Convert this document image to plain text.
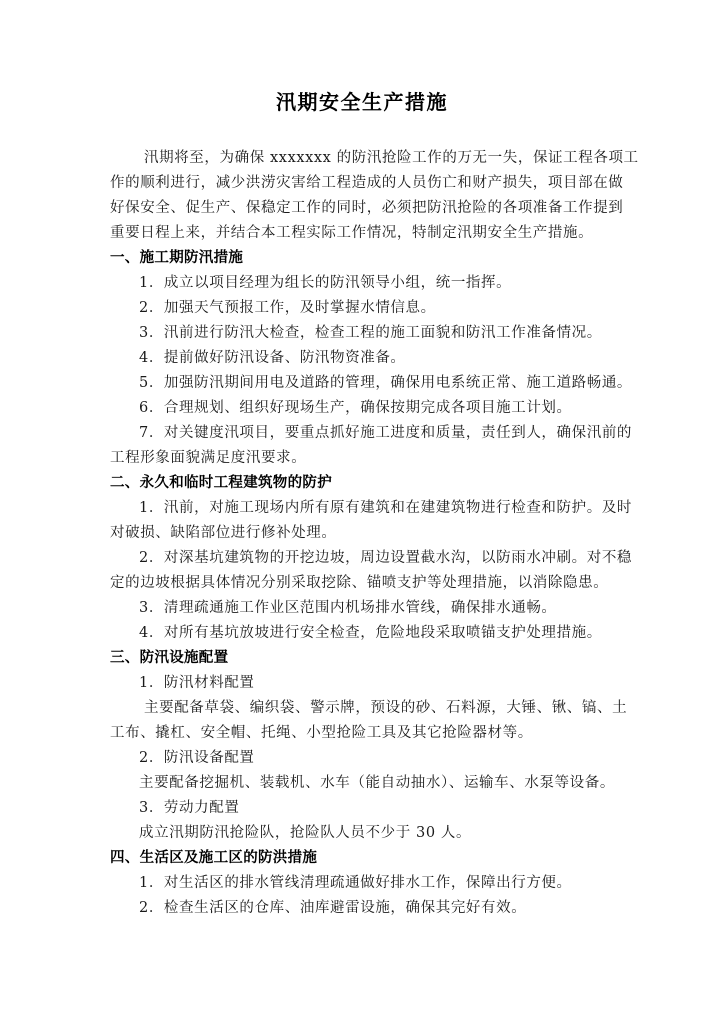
汛期安全生产措施
汛期将至，为确保 xxxxxxx 的防汛抢险工作的万无一失，保证工程各项工
作的顺利进行，减少洪涝灾害给工程造成的人员伤亡和财产损失，项目部在做
好保安全、促生产、保稳定工作的同时，必须把防汛抢险的各项准备工作提到
重要日程上来，并结合本工程实际工作情况，特制定汛期安全生产措施。
一、施工期防汛措施
1．成立以项目经理为组长的防汛领导小组，统一指挥。
2．加强天气预报工作，及时掌握水情信息。
3．汛前进行防汛大检查，检查工程的施工面貌和防汛工作准备情况。
4．提前做好防汛设备、防汛物资准备。
5．加强防汛期间用电及道路的管理，确保用电系统正常、施工道路畅通。
6．合理规划、组织好现场生产，确保按期完成各项目施工计划。
7．对关键度汛项目，要重点抓好施工进度和质量，责任到人，确保汛前的
工程形象面貌满足度汛要求。
二、永久和临时工程建筑物的防护
1．汛前，对施工现场内所有原有建筑和在建建筑物进行检查和防护。及时
对破损、缺陷部位进行修补处理。
2．对深基坑建筑物的开挖边坡，周边设置截水沟，以防雨水冲刷。对不稳
定的边坡根据具体情况分别采取挖除、锚喷支护等处理措施，以消除隐患。
3．清理疏通施工作业区范围内机场排水管线，确保排水通畅。
4．对所有基坑放坡进行安全检查，危险地段采取喷锚支护处理措施。
三、防汛设施配置
1．防汛材料配置
主要配备草袋、编织袋、警示牌，预设的砂、石料源，大锤、锹、镐、土
工布、撬杠、安全帽、托绳、小型抢险工具及其它抢险器材等。
2．防汛设备配置
主要配备挖掘机、装载机、水车（能自动抽水）、运输车、水泵等设备。
3．劳动力配置
成立汛期防汛抢险队，抢险队人员不少于 30 人。
四、生活区及施工区的防洪措施
1．对生活区的排水管线清理疏通做好排水工作，保障出行方便。
2．检查生活区的仓库、油库避雷设施，确保其完好有效。
